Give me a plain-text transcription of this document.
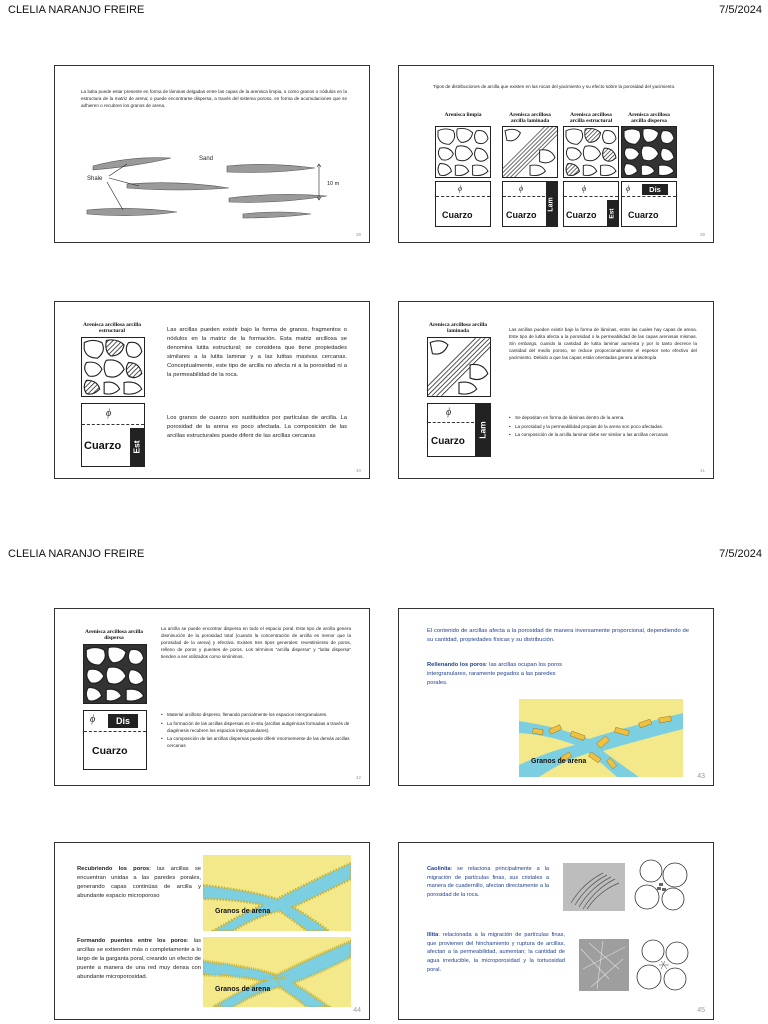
CLELIA NARANJO FREIRE	7/5/2024
La lutita puede estar presente en forma de láminas delgadas entre las capas de la arenisca limpia, o como granos o nódulos en la estructura de la matriz de arena; o puede encontrarse dispersa, a través del sistema poroso, en forma de acumulaciones que se adhieren o recubren los granos de arena.
Sand
Shale
10 m
38
Tipos de distribuciones de arcilla que existen en las rocas del yacimiento y su efecto sobre la porosidad del yacimiento.
Arenisca limpia
ϕ
Cuarzo
Arenisca arcillosa arcilla laminada
ϕ
Cuarzo
Lam
Arenisca arcillosa arcilla estructural
ϕ
Cuarzo Est
Arenisca arcillosa arcilla dispersa
ϕ	Dis
Cuarzo
39
Arenisca arcillosa arcilla estructural
ϕ
Cuarzo Est
Las arcillas pueden existir bajo la forma de granos, fragmentos o nódulos en la matriz de la formación. Esta matriz arcillosa se denomina lutita estructural; se considera que tiene propiedades similares a la lutita laminar y a las lutitas masivas cercanas. Conceptualmente, este tipo de arcilla no afecta ni a la porosidad ni a la permeabilidad de la roca.
Los granos de cuarzo son sustituidos por partículas de arcilla. La porosidad de la arena es poco afectada. La composición de las arcillas estructurales puede diferir de las arcillas cercanas
40
Arenisca arcillosa arcilla laminada
ϕ
Cuarzo
Lam
Las arcillas pueden existir bajo la forma de láminas, entre las cuales hay capas de arena. Este tipo de lutita afecta a la porosidad o la permeabilidad de las capas arenosas mismas. Sin embargo, cuando la cantidad de lutita laminar aumenta y por lo tanto decrece la cantidad del medio poroso, se reduce proporcionalmente el espesor neto efectivo del yacimiento. Debido a que las capas están orientadas genera anisotropía
• Se depositan en forma de láminas dentro de la arena.
• La porosidad y la permeabilidad propias de la arena son poco afectadas.
• La composición de la arcilla laminar debe ser similar a las arcillas cercanas
41
CLELIA NARANJO FREIRE	7/5/2024
Arenisca arcillosa arcilla dispersa
ϕ	Dis
Cuarzo
La arcilla se puede encontrar dispersa en todo el espacio poral. Este tipo de arcilla genera disminución de la porosidad total (cuando la concentración de arcilla es menor que la porosidad de la arena) y efectiva. Existen tres tipos generales: revestimiento de poros, relleno de poros y puentes de poros. Los términos "arcilla dispersa" y "lutita dispersa" tienden a ser utilizados como sinónimos.
• Material arcilloso disperso, llenando parcialmente los espacios intergranulares.
• La formación de las arcillas dispersas es in-situ (arcillas autigénicas formadas a través de diagénesis recubren los espacios intergranulares).
• La composición de las arcillas dispersas puede diferir enormemente de las demás arcillas cercanas
42
El contenido de arcillas afecta a la porosidad de manera inversamente proporcional, dependiendo de su cantidad, propiedades físicas y su distribución.
Rellenando los poros: las arcillas ocupan los poros intergranulares, raramente pegados a las paredes porales.
Granos de arena
43
Recubriendo los poros: las arcillas se encuentran unidas a las paredes porales, generando capas continúas de arcilla y abundante espacio microporoso
Formando puentes entre los poros: las arcillas se extienden más o completamente a lo largo de la garganta poral, creando un efecto de puente a manera de una red muy densa con abundante microporosidad.
Granos de arena
Granos de arena
44
Caolinita: se relaciona principalmente a la migración de partículas finas, sus cristales a manera de cuadernillo, afectan directamente a la porosidad de la roca.
Illita: relacionada a la migración de partículas finas, que provienen del hinchamiento y ruptura de arcillas, afectan a la permeabilidad, aumentan; la cantidad de agua irreducible, la microporosidad y la tortuosidad poral.
45
